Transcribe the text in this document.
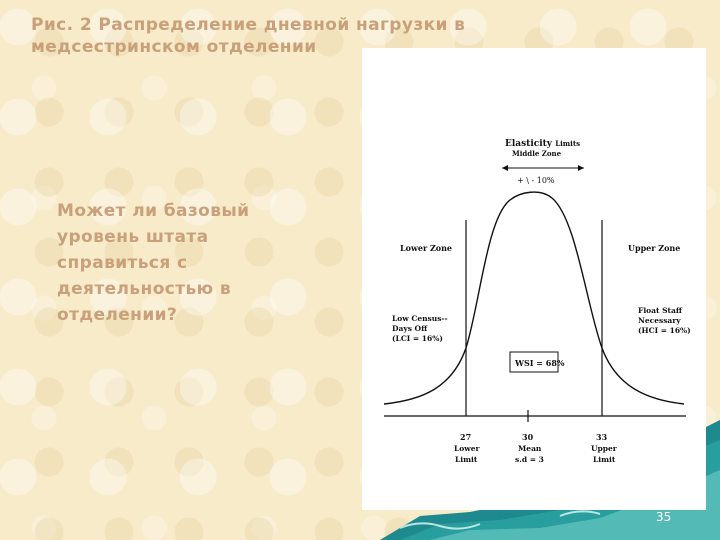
Рис. 2 Распределение дневной нагрузки в медсестринском отделении
Может ли базовый уровень штата справиться с деятельностью в отделении?
Elasticity Limits
Middle Zone
+ \ - 10%
Lower Zone	Upper Zone
Low Census-- Days Off (LCI = 16%)
Float Staff Necessary (HCI = 16%)
WSI = 68%
27
Lower
Limit
30
Mean
s.d = 3
33
Upper
Limit
35
